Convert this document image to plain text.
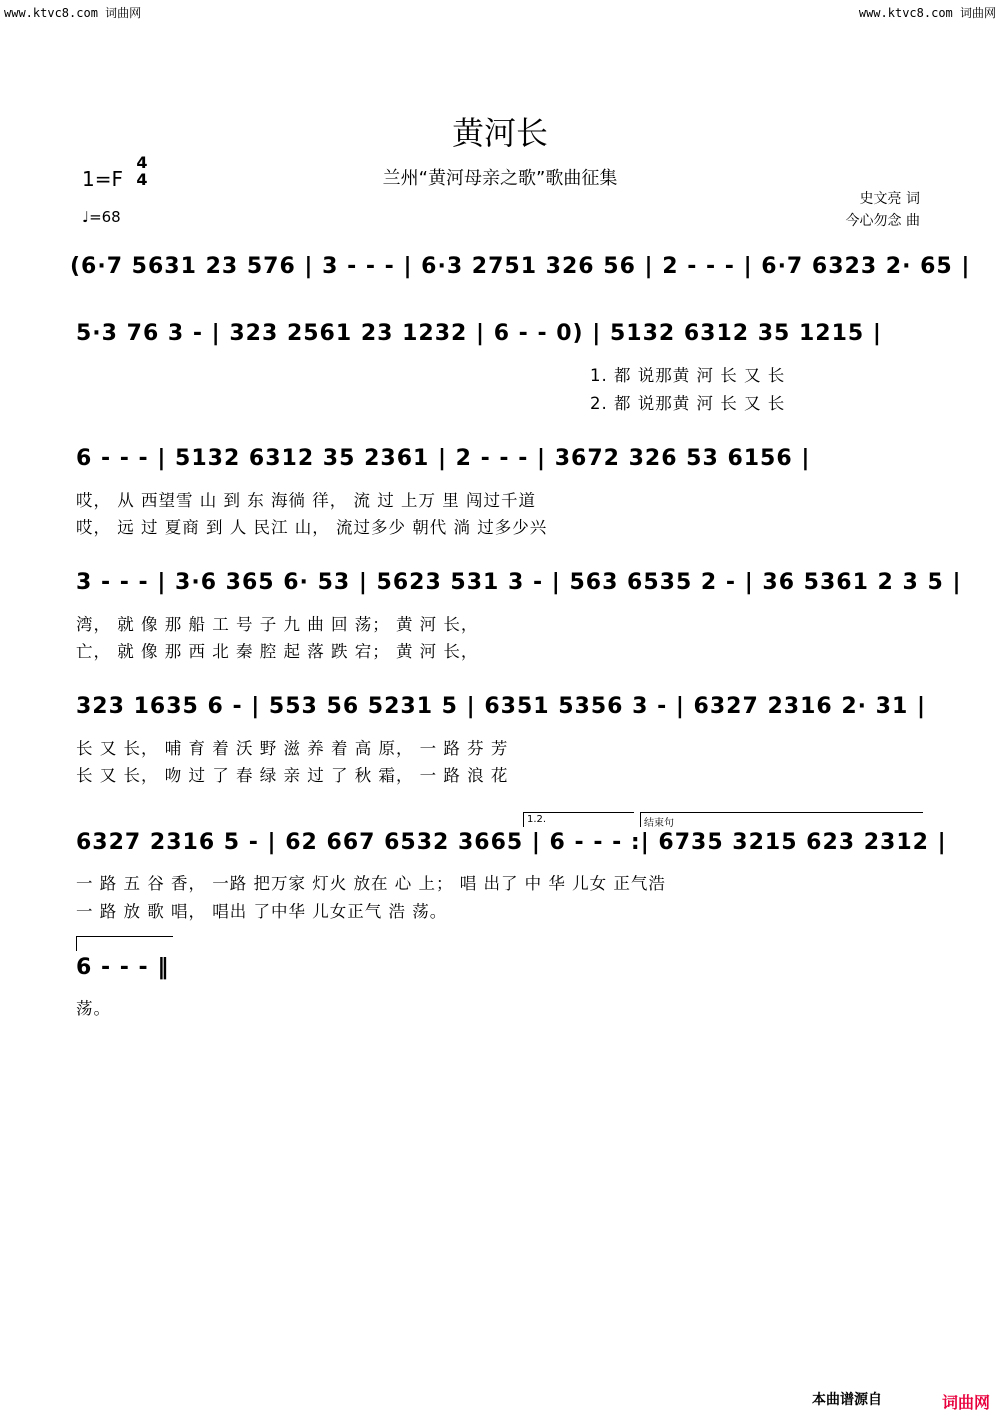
www.ktvc8.com 词曲网	www.ktvc8.com 词曲网
黄河长
兰州“黄河母亲之歌”歌曲征集
1=F
4
4
♩=68
史文亮 词
今心勿念 曲
(6·7 5631 23 576 | 3 - - - | 6·3 2751 326 56 | 2 - - - | 6·7 6323 2· 65 |
5·3 76 3 - | 323 2561 23 1232 | 6 - - 0) | 5132 6312 35 1215 |
1. 都 说那黄 河 长 又 长
2. 都 说那黄 河 长 又 长
6 - - - | 5132 6312 35 2361 | 2 - - - | 3672 326 53 6156 |
哎， 从 西望雪 山 到 东 海徜 徉， 流 过 上万 里 闯过千道
哎， 远 过 夏商 到 人 民江 山， 流过多少 朝代 淌 过多少兴
3 - - - | 3·6 365 6· 53 | 5623 531 3 - | 563 6535 2 - | 36 5361 2 3 5 |
湾， 就 像 那 船 工 号 子 九 曲 回 荡； 黄 河 长，
亡， 就 像 那 西 北 秦 腔 起 落 跌 宕； 黄 河 长，
323 1635 6 - | 553 56 5231 5 | 6351 5356 3 - | 6327 2316 2· 31 |
长 又 长， 哺 育 着 沃 野 滋 养 着 高 原， 一 路 芬 芳
长 又 长， 吻 过 了 春 绿 亲 过 了 秋 霜， 一 路 浪 花
1.2.	结束句
6327 2316 5 - | 62 667 6532 3665 | 6 - - - :| 6735 3215 623 2312 |
一 路 五 谷 香， 一路 把万家 灯火 放在 心 上； 唱 出了 中 华 儿女 正气浩
一 路 放 歌 唱， 唱出 了中华 儿女正气 浩 荡。
6 - - - ‖
荡。
本曲谱源自	词曲网
